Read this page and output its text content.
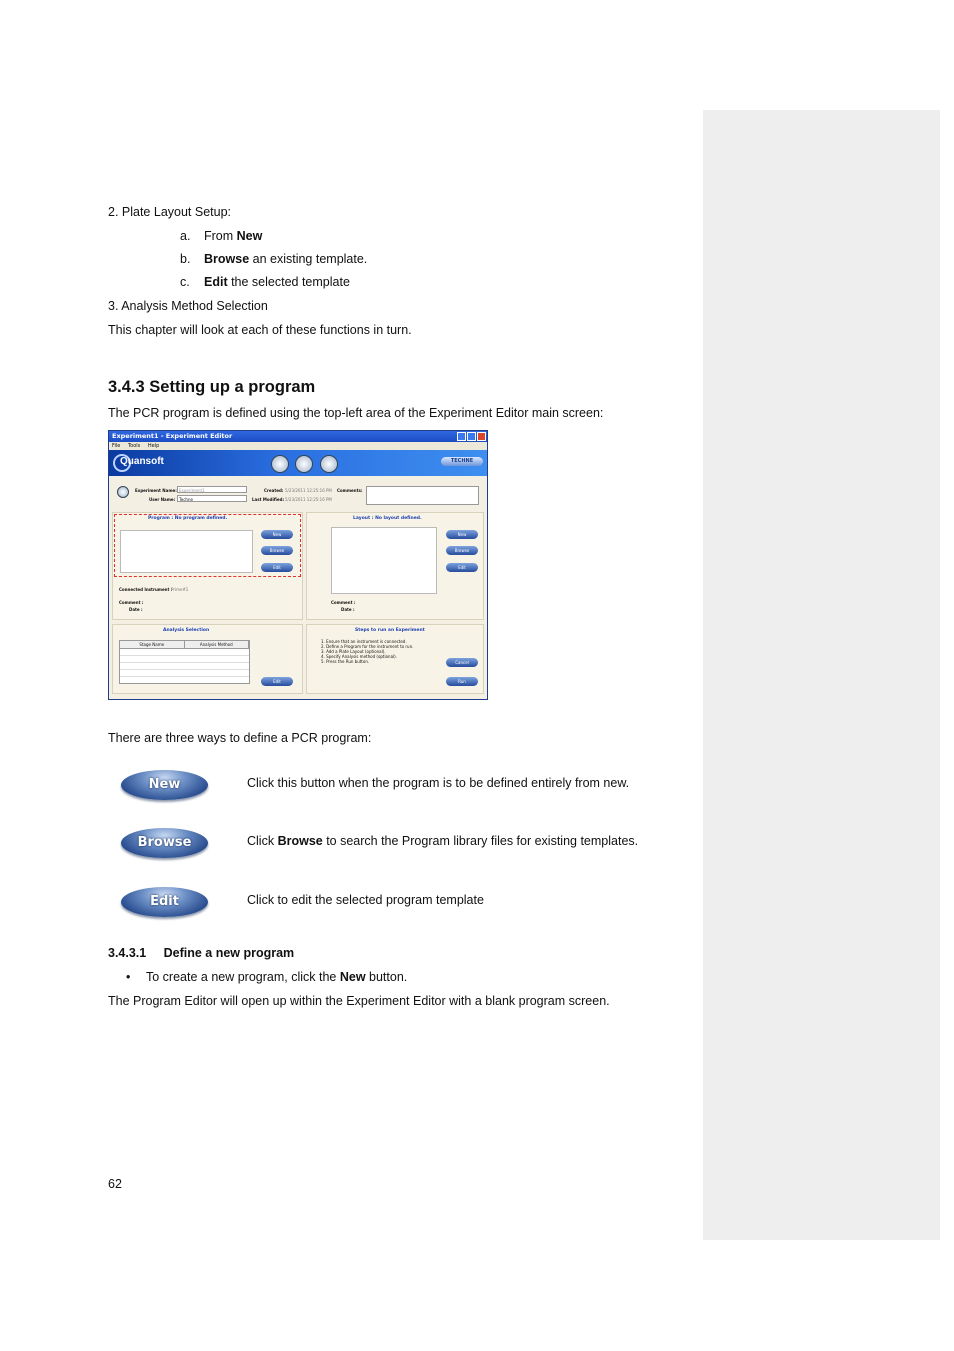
2. Plate Layout Setup:
a. From New
b. Browse an existing template.
c. Edit the selected template
3. Analysis Method Selection
This chapter will look at each of these functions in turn.
3.4.3 Setting up a program
The PCR program is defined using the top-left area of the Experiment Editor main screen:
Experiment1 - Experiment Editor
File Tools Help
Quansoft	TECHNE
Experiment Name: Experiment1
User Name: Techne
Created: 5/23/2011 12:25:16 PM
Last Modified: 5/23/2011 12:25:16 PM
Comments:
Program : No program defined.
New
Browse
Edit
Connected Instrument :
Prime#1
Comment :
Date :
Layout : No layout defined.
New
Browse
Edit
Comment :
Date :
Analysis Selection
Stage Name	Analysis Method
Edit
Steps to run an Experiment
1. Ensure that an instrument is connected.
2. Define a Program for the instrument to run.
3. Add a Plate Layout (optional).
4. Specify Analysis method (optional).
5. Press the Run button.	Cancel
Run
There are three ways to define a PCR program:
New	Click this button when the program is to be defined entirely from new.
Browse	Click Browse to search the Program library files for existing templates.
Edit	Click to edit the selected program template
3.4.3.1     Define a new program
• To create a new program, click the New button.
The Program Editor will open up within the Experiment Editor with a blank program screen.
62
